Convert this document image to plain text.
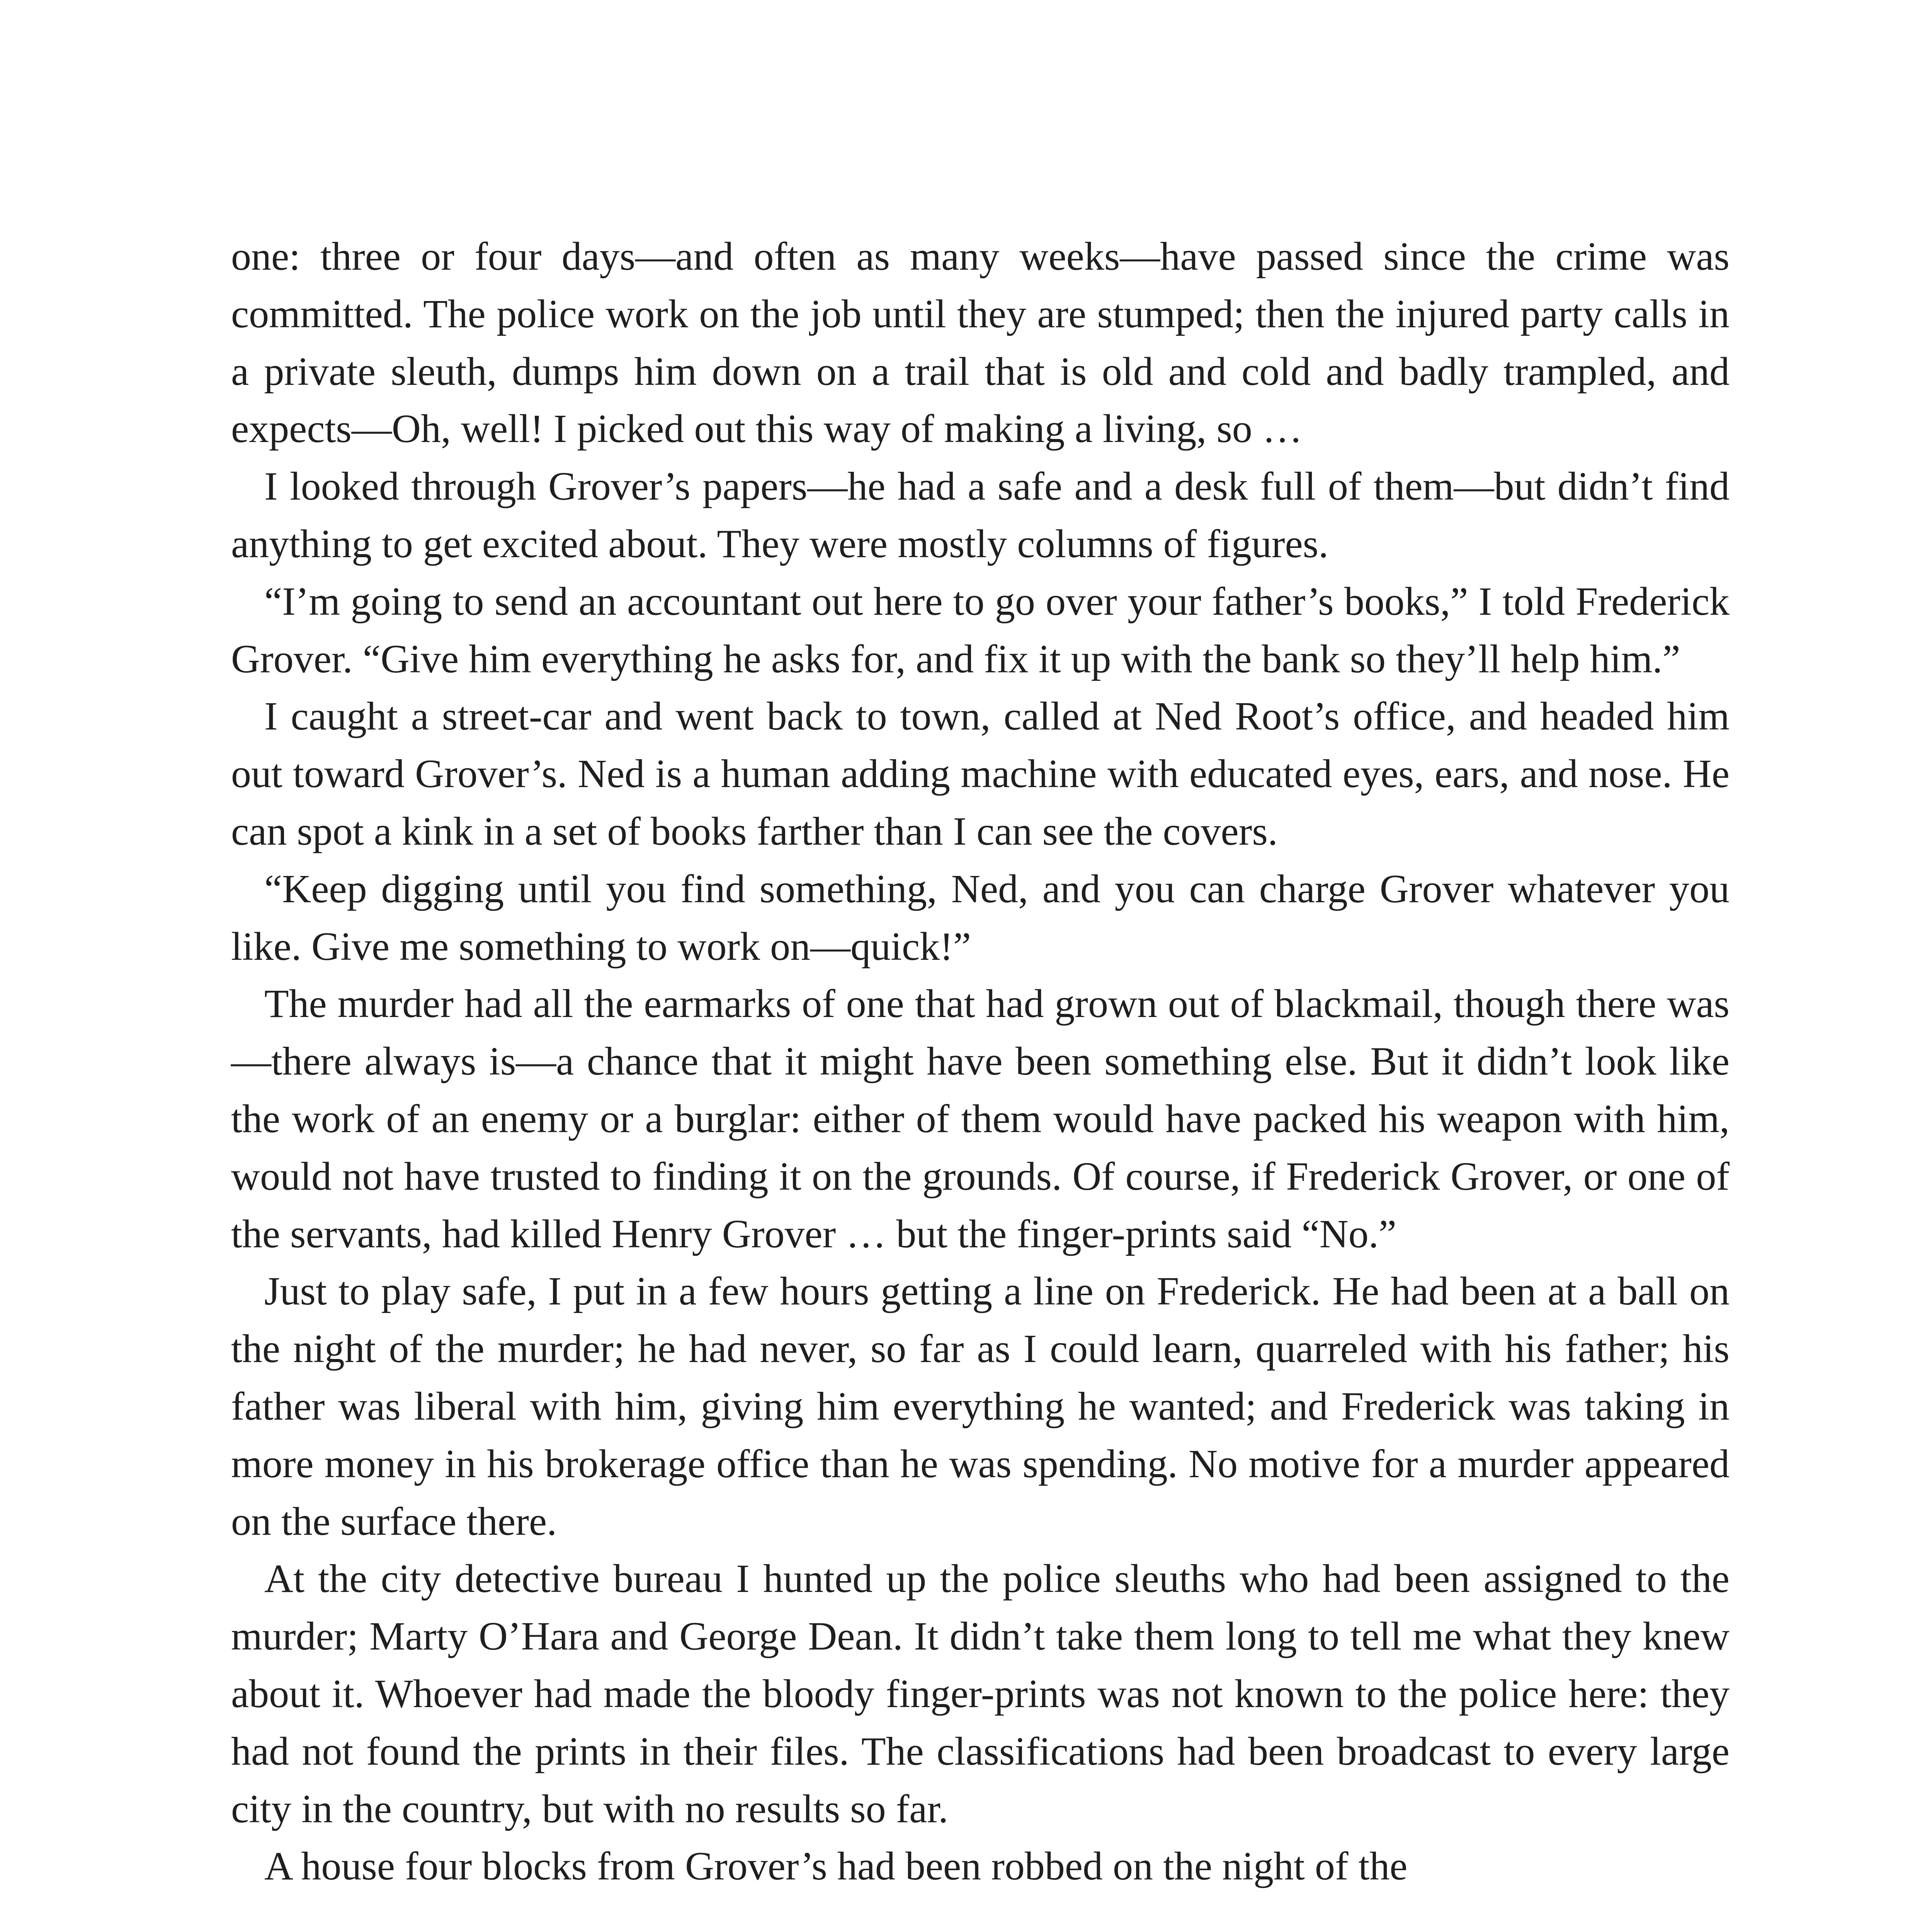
one: three or four days—and often as many weeks—have passed since the crime was committed. The police work on the job until they are stumped; then the injured party calls in a private sleuth, dumps him down on a trail that is old and cold and badly trampled, and expects—Oh, well! I picked out this way of making a living, so …

I looked through Grover’s papers—he had a safe and a desk full of them—but didn’t find anything to get excited about. They were mostly columns of figures.

“I’m going to send an accountant out here to go over your father’s books,” I told Frederick Grover. “Give him everything he asks for, and fix it up with the bank so they’ll help him.”

I caught a street-car and went back to town, called at Ned Root’s office, and headed him out toward Grover’s. Ned is a human adding machine with educated eyes, ears, and nose. He can spot a kink in a set of books farther than I can see the covers.

“Keep digging until you find something, Ned, and you can charge Grover whatever you like. Give me something to work on—quick!”

The murder had all the earmarks of one that had grown out of blackmail, though there was—there always is—a chance that it might have been something else. But it didn’t look like the work of an enemy or a burglar: either of them would have packed his weapon with him, would not have trusted to finding it on the grounds. Of course, if Frederick Grover, or one of the servants, had killed Henry Grover … but the finger-prints said “No.”

Just to play safe, I put in a few hours getting a line on Frederick. He had been at a ball on the night of the murder; he had never, so far as I could learn, quarreled with his father; his father was liberal with him, giving him everything he wanted; and Frederick was taking in more money in his brokerage office than he was spending. No motive for a murder appeared on the surface there.

At the city detective bureau I hunted up the police sleuths who had been assigned to the murder; Marty O’Hara and George Dean. It didn’t take them long to tell me what they knew about it. Whoever had made the bloody finger-prints was not known to the police here: they had not found the prints in their files. The classifications had been broadcast to every large city in the country, but with no results so far.

A house four blocks from Grover’s had been robbed on the night of the
